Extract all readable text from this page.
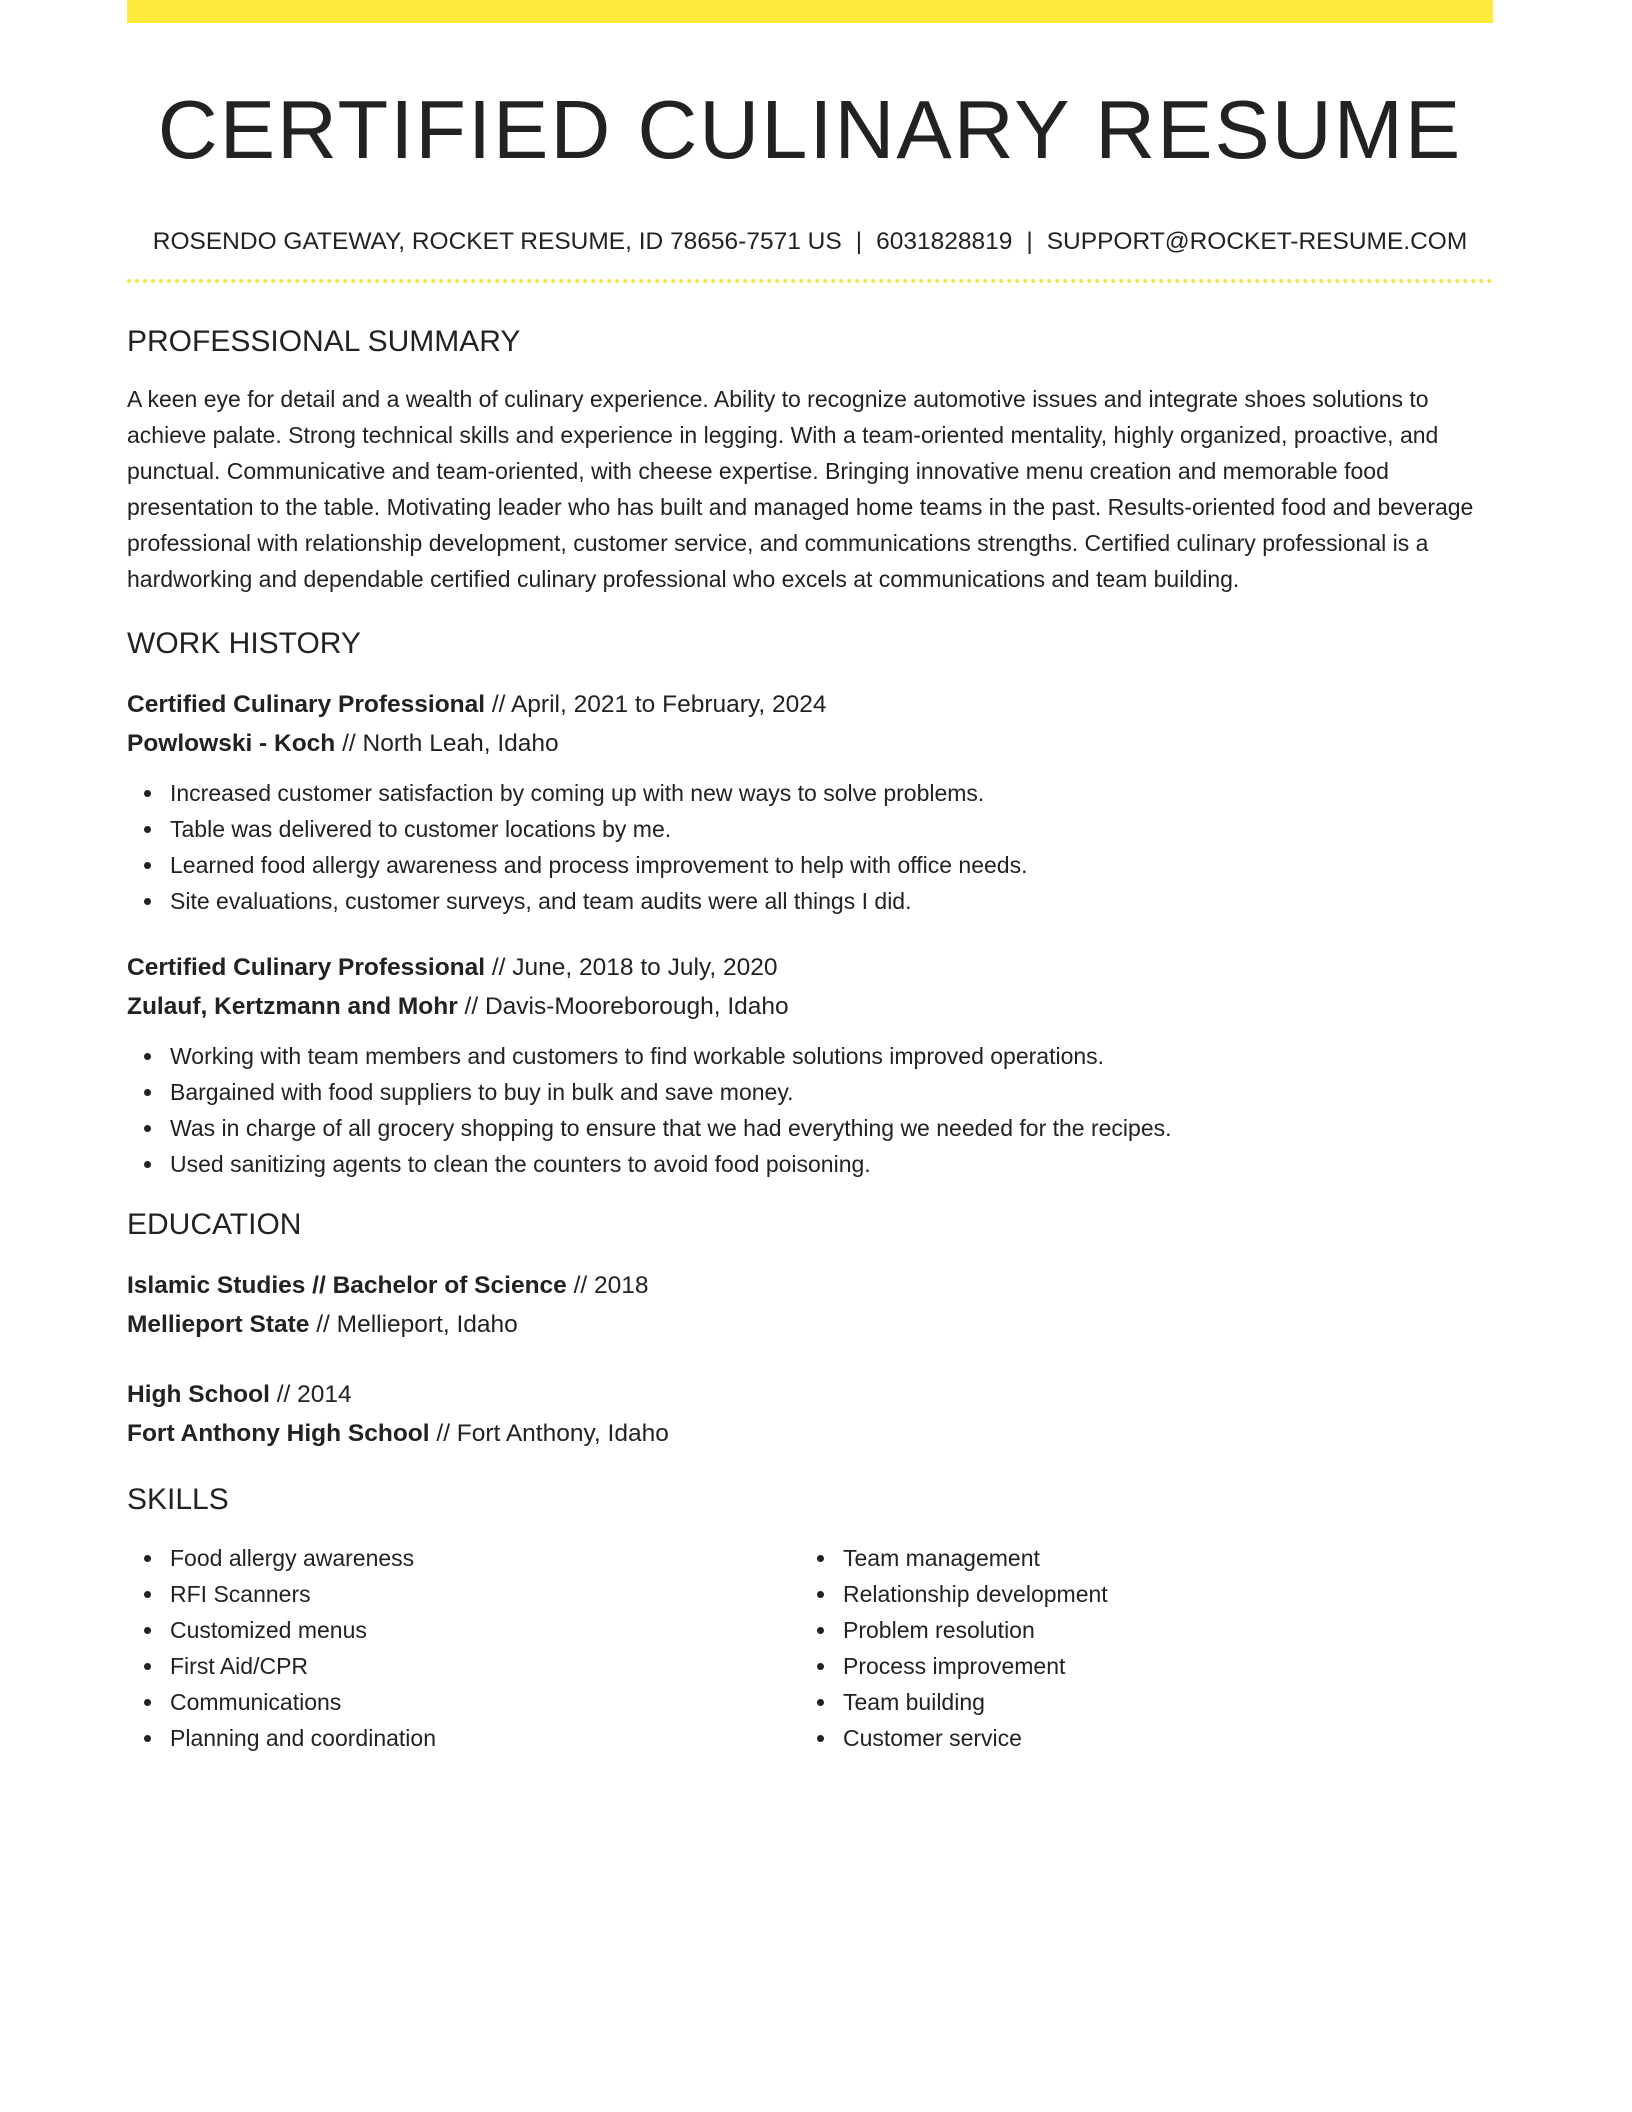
CERTIFIED CULINARY RESUME
ROSENDO GATEWAY, ROCKET RESUME, ID 78656-7571 US | 6031828819 | SUPPORT@ROCKET-RESUME.COM
PROFESSIONAL SUMMARY
A keen eye for detail and a wealth of culinary experience. Ability to recognize automotive issues and integrate shoes solutions to achieve palate. Strong technical skills and experience in legging. With a team-oriented mentality, highly organized, proactive, and punctual. Communicative and team-oriented, with cheese expertise. Bringing innovative menu creation and memorable food presentation to the table. Motivating leader who has built and managed home teams in the past. Results-oriented food and beverage professional with relationship development, customer service, and communications strengths. Certified culinary professional is a hardworking and dependable certified culinary professional who excels at communications and team building.
WORK HISTORY
Certified Culinary Professional // April, 2021 to February, 2024
Powlowski - Koch // North Leah, Idaho
Increased customer satisfaction by coming up with new ways to solve problems.
Table was delivered to customer locations by me.
Learned food allergy awareness and process improvement to help with office needs.
Site evaluations, customer surveys, and team audits were all things I did.
Certified Culinary Professional // June, 2018 to July, 2020
Zulauf, Kertzmann and Mohr // Davis-Mooreborough, Idaho
Working with team members and customers to find workable solutions improved operations.
Bargained with food suppliers to buy in bulk and save money.
Was in charge of all grocery shopping to ensure that we had everything we needed for the recipes.
Used sanitizing agents to clean the counters to avoid food poisoning.
EDUCATION
Islamic Studies // Bachelor of Science // 2018
Mellieport State // Mellieport, Idaho
High School // 2014
Fort Anthony High School // Fort Anthony, Idaho
SKILLS
Food allergy awareness
RFI Scanners
Customized menus
First Aid/CPR
Communications
Planning and coordination
Team management
Relationship development
Problem resolution
Process improvement
Team building
Customer service
